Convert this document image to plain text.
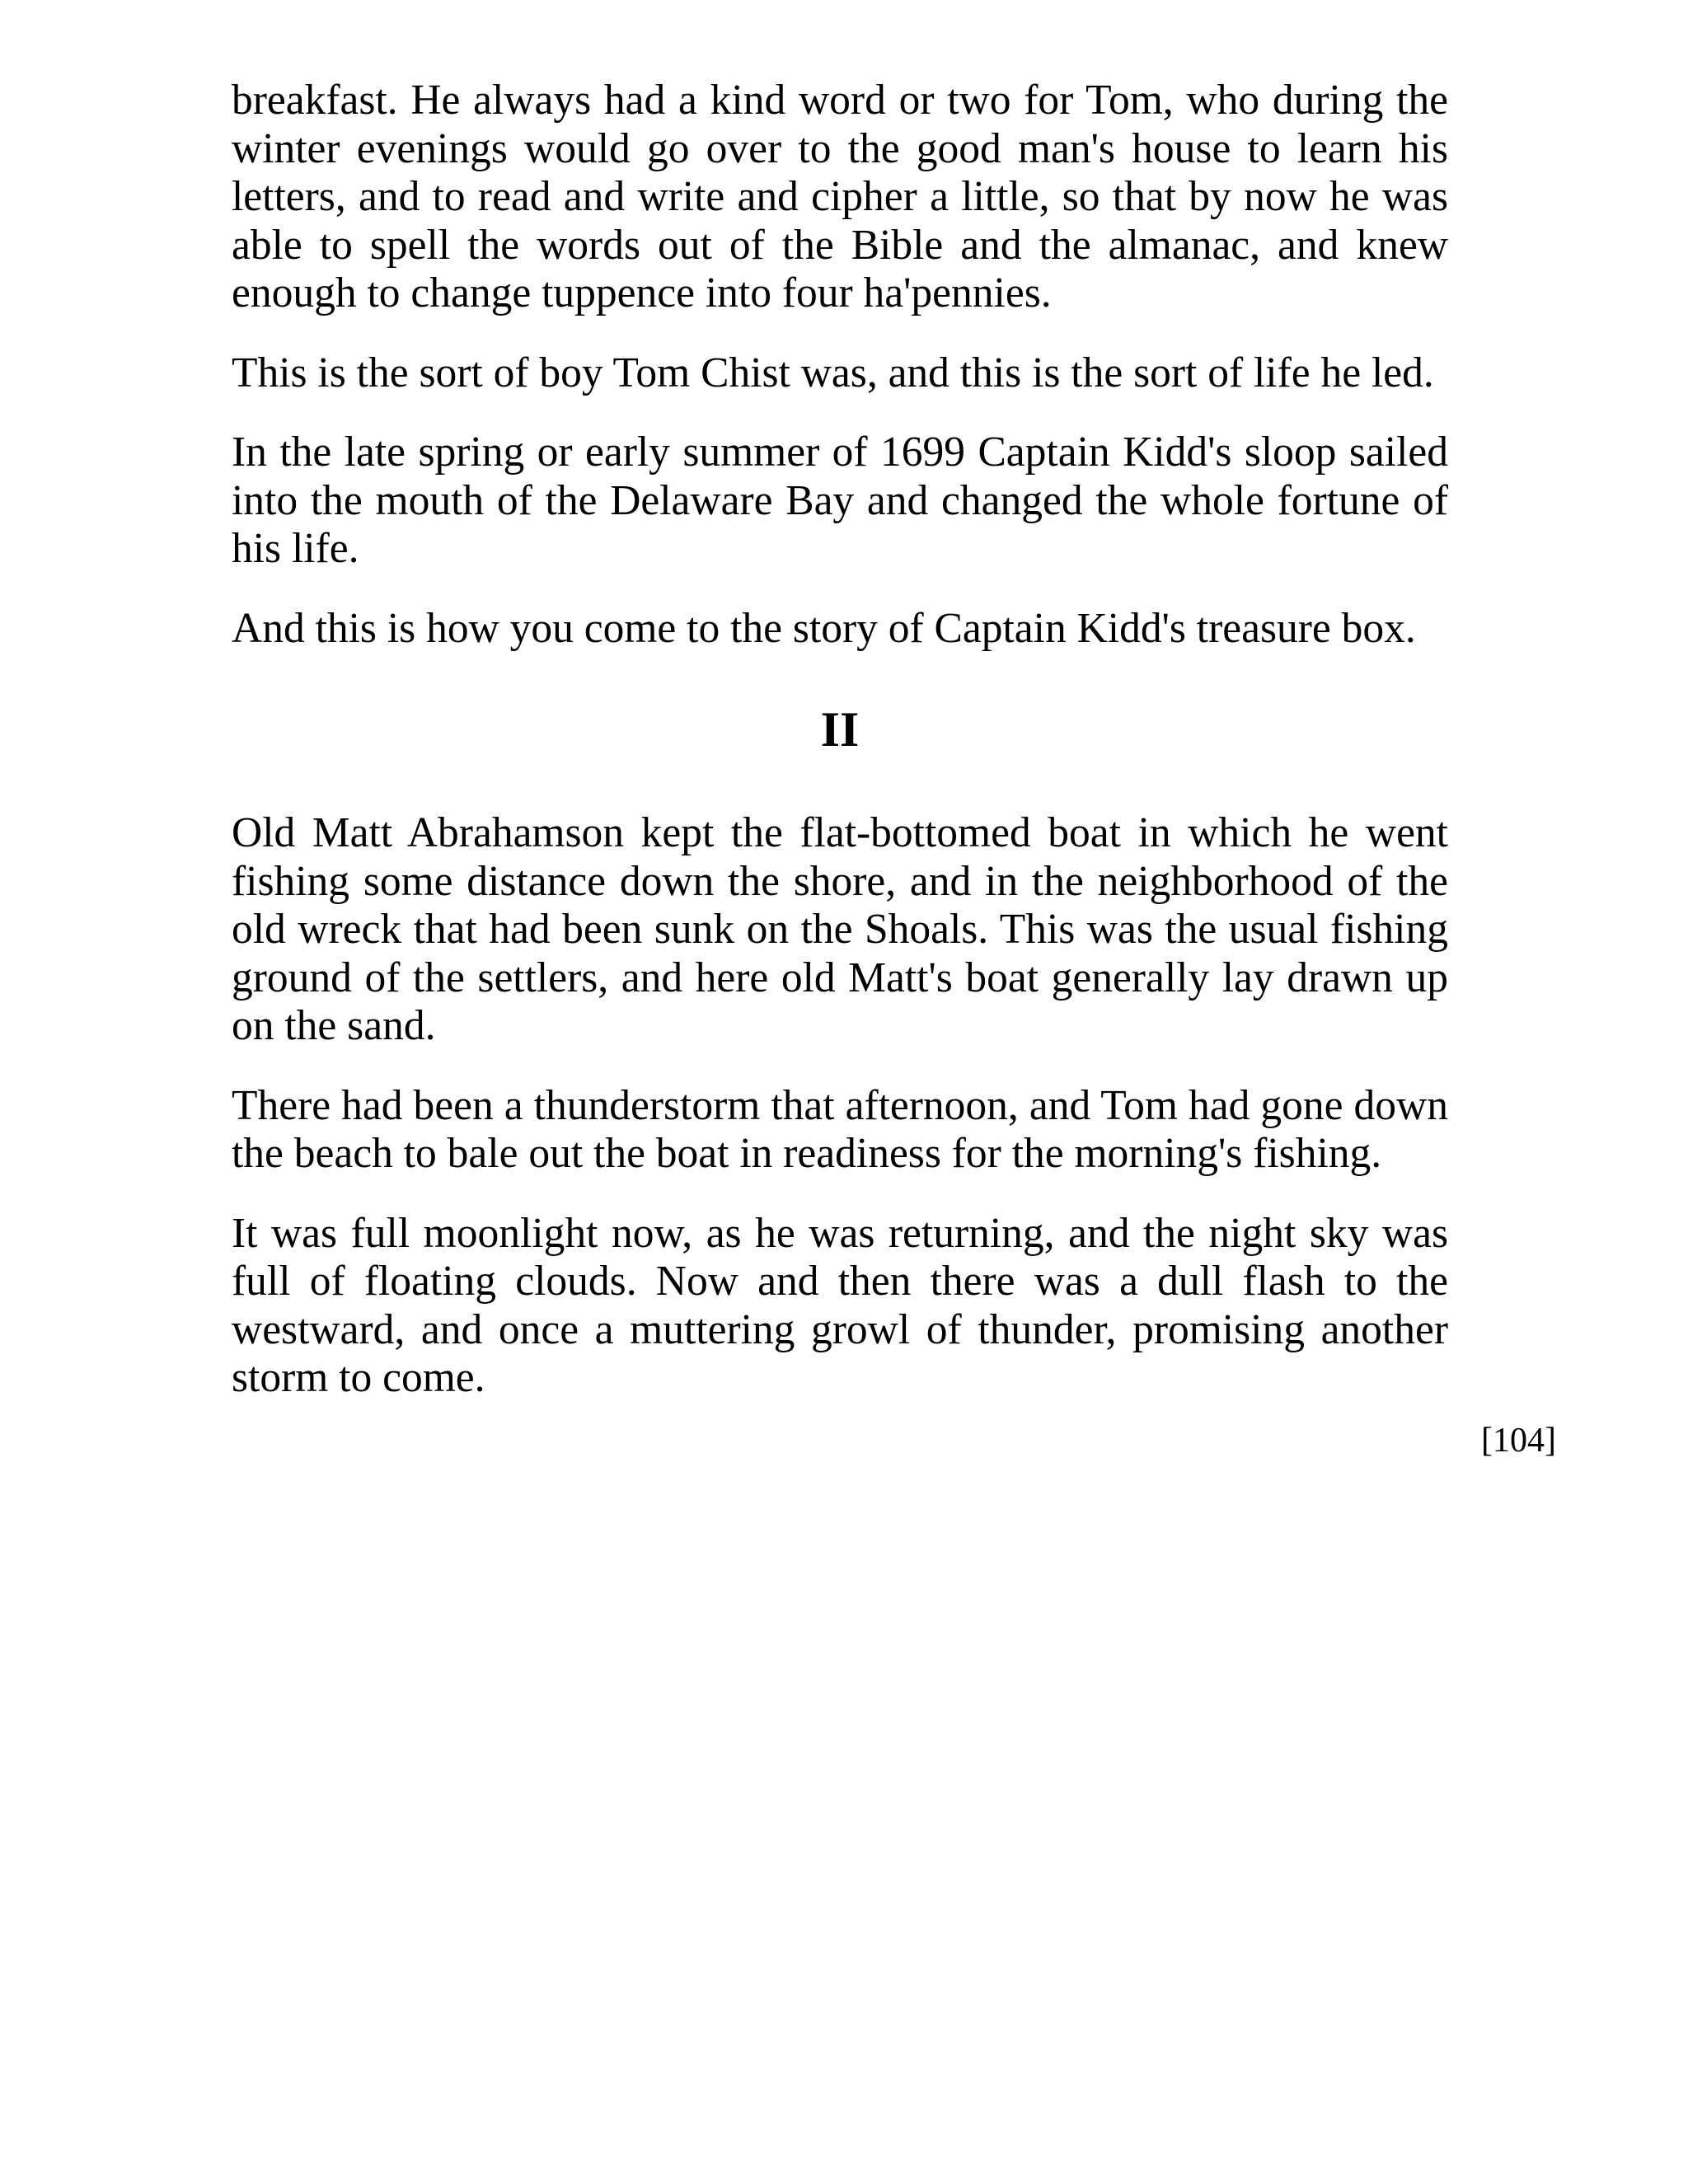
breakfast. He always had a kind word or two for Tom, who during the winter evenings would go over to the good man's house to learn his letters, and to read and write and cipher a little, so that by now he was able to spell the words out of the Bible and the almanac, and knew enough to change tuppence into four ha'pennies.

This is the sort of boy Tom Chist was, and this is the sort of life he led.

In the late spring or early summer of 1699 Captain Kidd's sloop sailed into the mouth of the Delaware Bay and changed the whole fortune of his life.

And this is how you come to the story of Captain Kidd's treasure box.

II

Old Matt Abrahamson kept the flat-bottomed boat in which he went fishing some distance down the shore, and in the neighborhood of the old wreck that had been sunk on the Shoals. This was the usual fishing ground of the settlers, and here old Matt's boat generally lay drawn up on the sand.

There had been a thunderstorm that afternoon, and Tom had gone down the beach to bale out the boat in readiness for the morning's fishing.

It was full moonlight now, as he was returning, and the night sky was full of floating clouds. Now and then there was a dull flash to the westward, and once a muttering growl of thunder, promising another storm to come.

[104]
